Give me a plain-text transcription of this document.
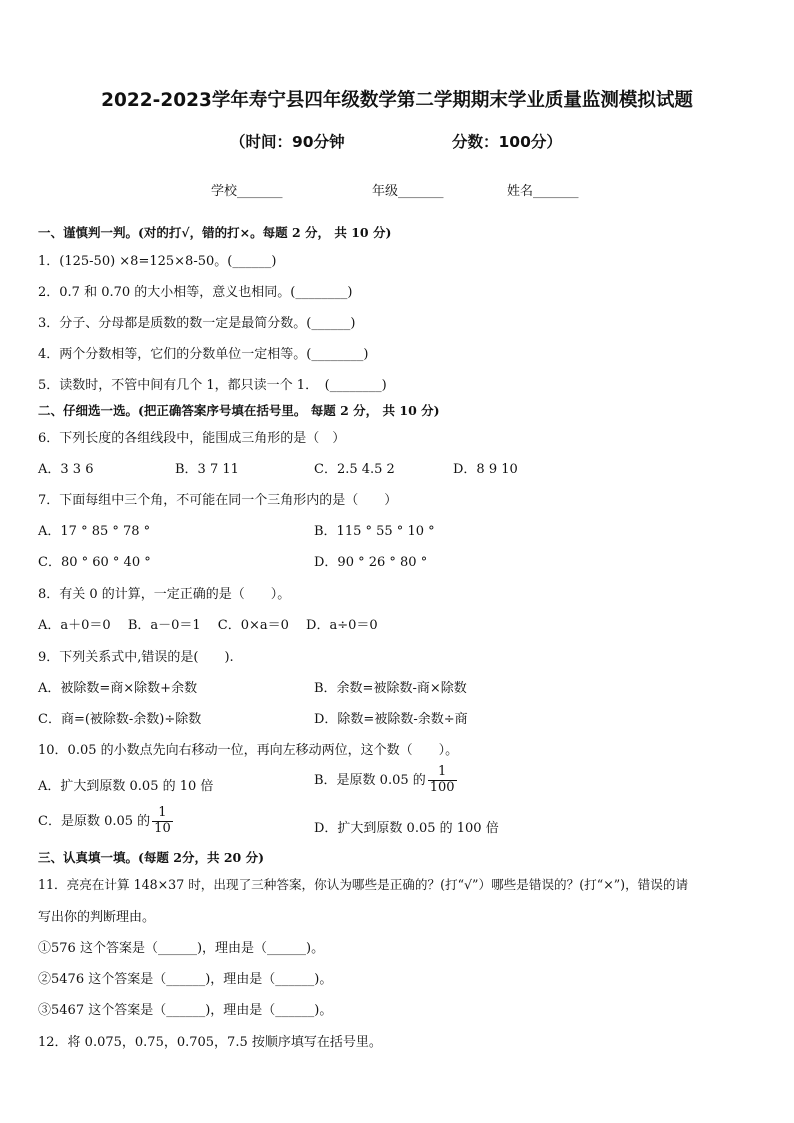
2022-2023学年寿宁县四年级数学第二学期期末学业质量监测模拟试题
（时间：90分钟	分数：100分）
学校_______	年级_______	姓名_______
一、谨慎判一判。(对的打√，错的打×。每题 2 分， 共 10 分)
1．(125-50) ×8=125×8-50。(______)
2．0.7 和 0.70 的大小相等，意义也相同。(________)
3．分子、分母都是质数的数一定是最简分数。(______)
4．两个分数相等，它们的分数单位一定相等。(________)
5．读数时，不管中间有几个 1，都只读一个 1．　(________)
二、仔细选一选。(把正确答案序号填在括号里。 每题 2 分， 共 10 分)
6．下列长度的各组线段中，能围成三角形的是（　）
A．3 3 6	B．3 7 11	C．2.5 4.5 2	D．8 9 10
7．下面每组中三个角，不可能在同一个三角形内的是（　　）
A．17 ° 85 ° 78 °	B．115 ° 55 ° 10 °
C．80 ° 60 ° 40 °	D．90 ° 26 ° 80 °
8．有关 0 的计算，一定正确的是（　　）。
A．a＋0＝0　 B．a－0＝1　 C．0×a＝0　 D．a÷0＝0
9．下列关系式中,错误的是(　　).
A．被除数=商×除数+余数	B．余数=被除数-商×除数
C．商=(被除数-余数)÷除数	D．除数=被除数-余数÷商
10．0.05 的小数点先向右移动一位，再向左移动两位，这个数（　　）。
A．扩大到原数 0.05 的 10 倍	B．是原数 0.05 的 $\frac{1}{100}$
C．是原数 0.05 的 $\frac{1}{10}$	D．扩大到原数 0.05 的 100 倍
三、认真填一填。(每题 2分，共 20 分)
11．亮亮在计算 148×37 时，出现了三种答案，你认为哪些是正确的？(打“√”）哪些是错误的？(打“×”)，错误的请
写出你的判断理由。
①576 这个答案是（______)，理由是（______)。
②5476 这个答案是（______)，理由是（______)。
③5467 这个答案是（______)，理由是（______)。
12．将 0.075，0.75，0.705，7.5 按顺序填写在括号里。
